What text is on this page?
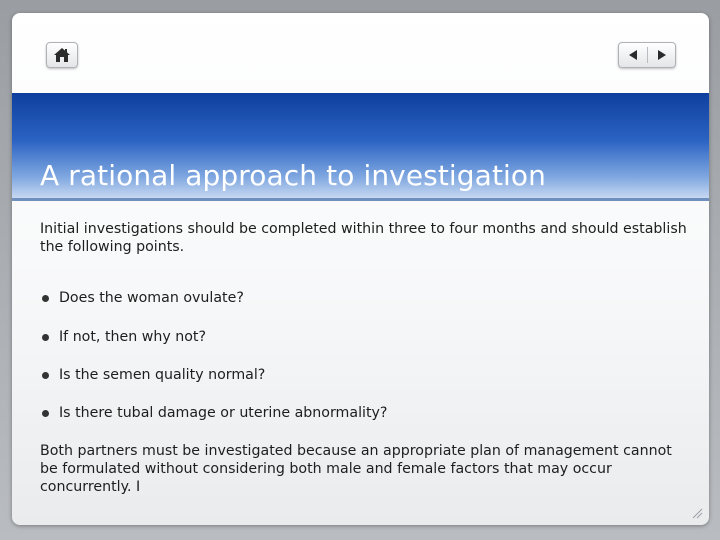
A rational approach to investigation

Initial investigations should be completed within three to four months and should establish the following points.

Does the woman ovulate?
If not, then why not?
Is the semen quality normal?
Is there tubal damage or uterine abnormality?

Both partners must be investigated because an appropriate plan of management cannot be formulated without considering both male and female factors that may occur concurrently. I
